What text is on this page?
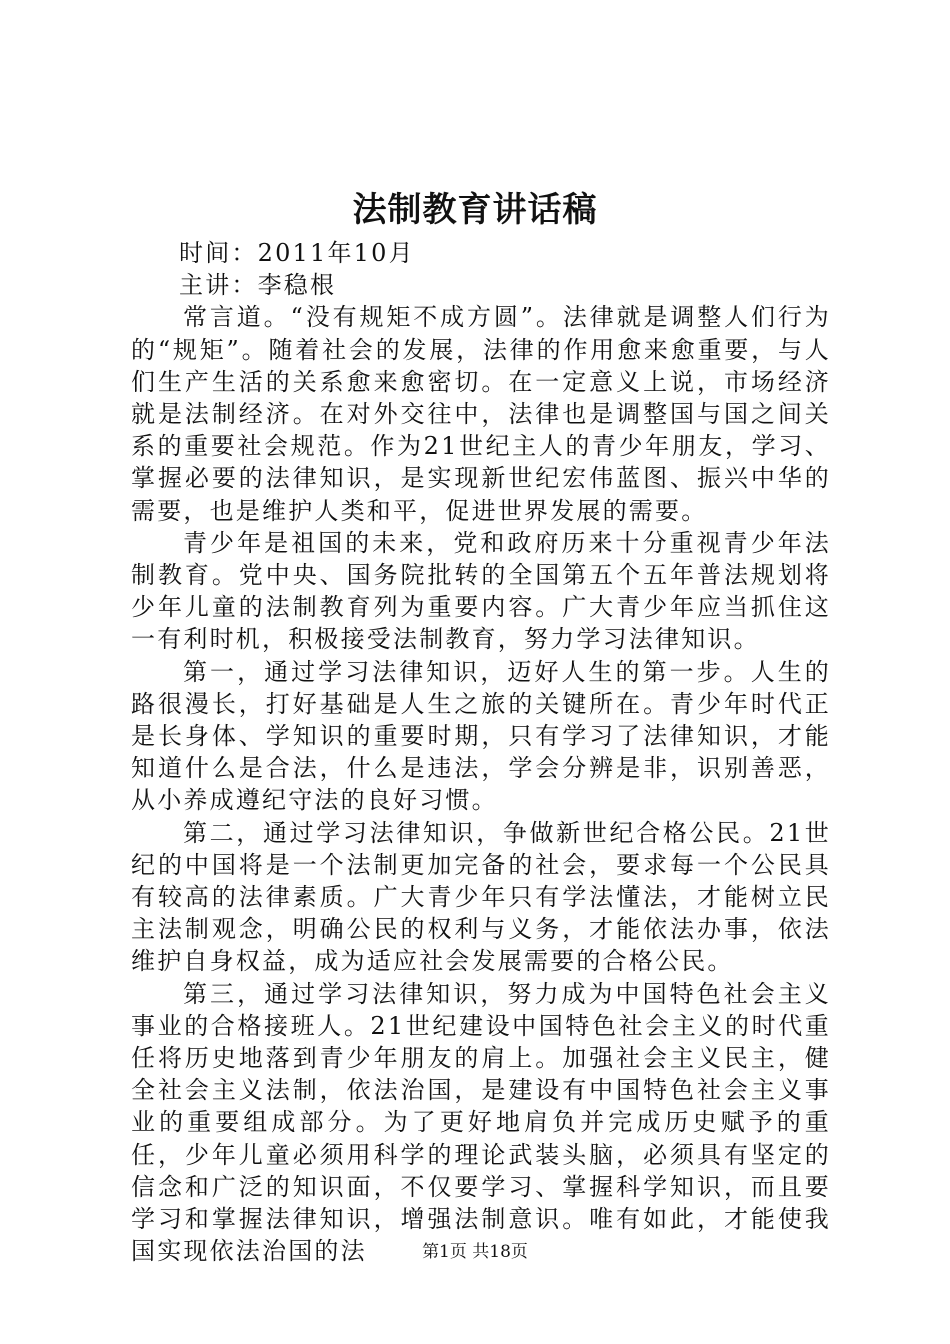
法制教育讲话稿

时间：2011年10月

主讲：李稳根

常言道。“没有规矩不成方圆”。法律就是调整人们行为的“规矩”。随着社会的发展，法律的作用愈来愈重要，与人们生产生活的关系愈来愈密切。在一定意义上说，市场经济就是法制经济。在对外交往中，法律也是调整国与国之间关系的重要社会规范。作为21世纪主人的青少年朋友，学习、掌握必要的法律知识，是实现新世纪宏伟蓝图、振兴中华的需要，也是维护人类和平，促进世界发展的需要。

青少年是祖国的未来，党和政府历来十分重视青少年法制教育。党中央、国务院批转的全国第五个五年普法规划将少年儿童的法制教育列为重要内容。广大青少年应当抓住这一有利时机，积极接受法制教育，努力学习法律知识。

第一，通过学习法律知识，迈好人生的第一步。人生的路很漫长，打好基础是人生之旅的关键所在。青少年时代正是长身体、学知识的重要时期，只有学习了法律知识，才能知道什么是合法，什么是违法，学会分辨是非，识别善恶，从小养成遵纪守法的良好习惯。

第二，通过学习法律知识，争做新世纪合格公民。21世纪的中国将是一个法制更加完备的社会，要求每一个公民具有较高的法律素质。广大青少年只有学法懂法，才能树立民主法制观念，明确公民的权利与义务，才能依法办事，依法维护自身权益，成为适应社会发展需要的合格公民。

第三，通过学习法律知识，努力成为中国特色社会主义事业的合格接班人。21世纪建设中国特色社会主义的时代重任将历史地落到青少年朋友的肩上。加强社会主义民主，健全社会主义法制，依法治国，是建设有中国特色社会主义事业的重要组成部分。为了更好地肩负并完成历史赋予的重任，少年儿童必须用科学的理论武装头脑，必须具有坚定的信念和广泛的知识面，不仅要学习、掌握科学知识，而且要学习和掌握法律知识，增强法制意识。唯有如此，才能使我国实现依法治国的法	第1页 共18页
